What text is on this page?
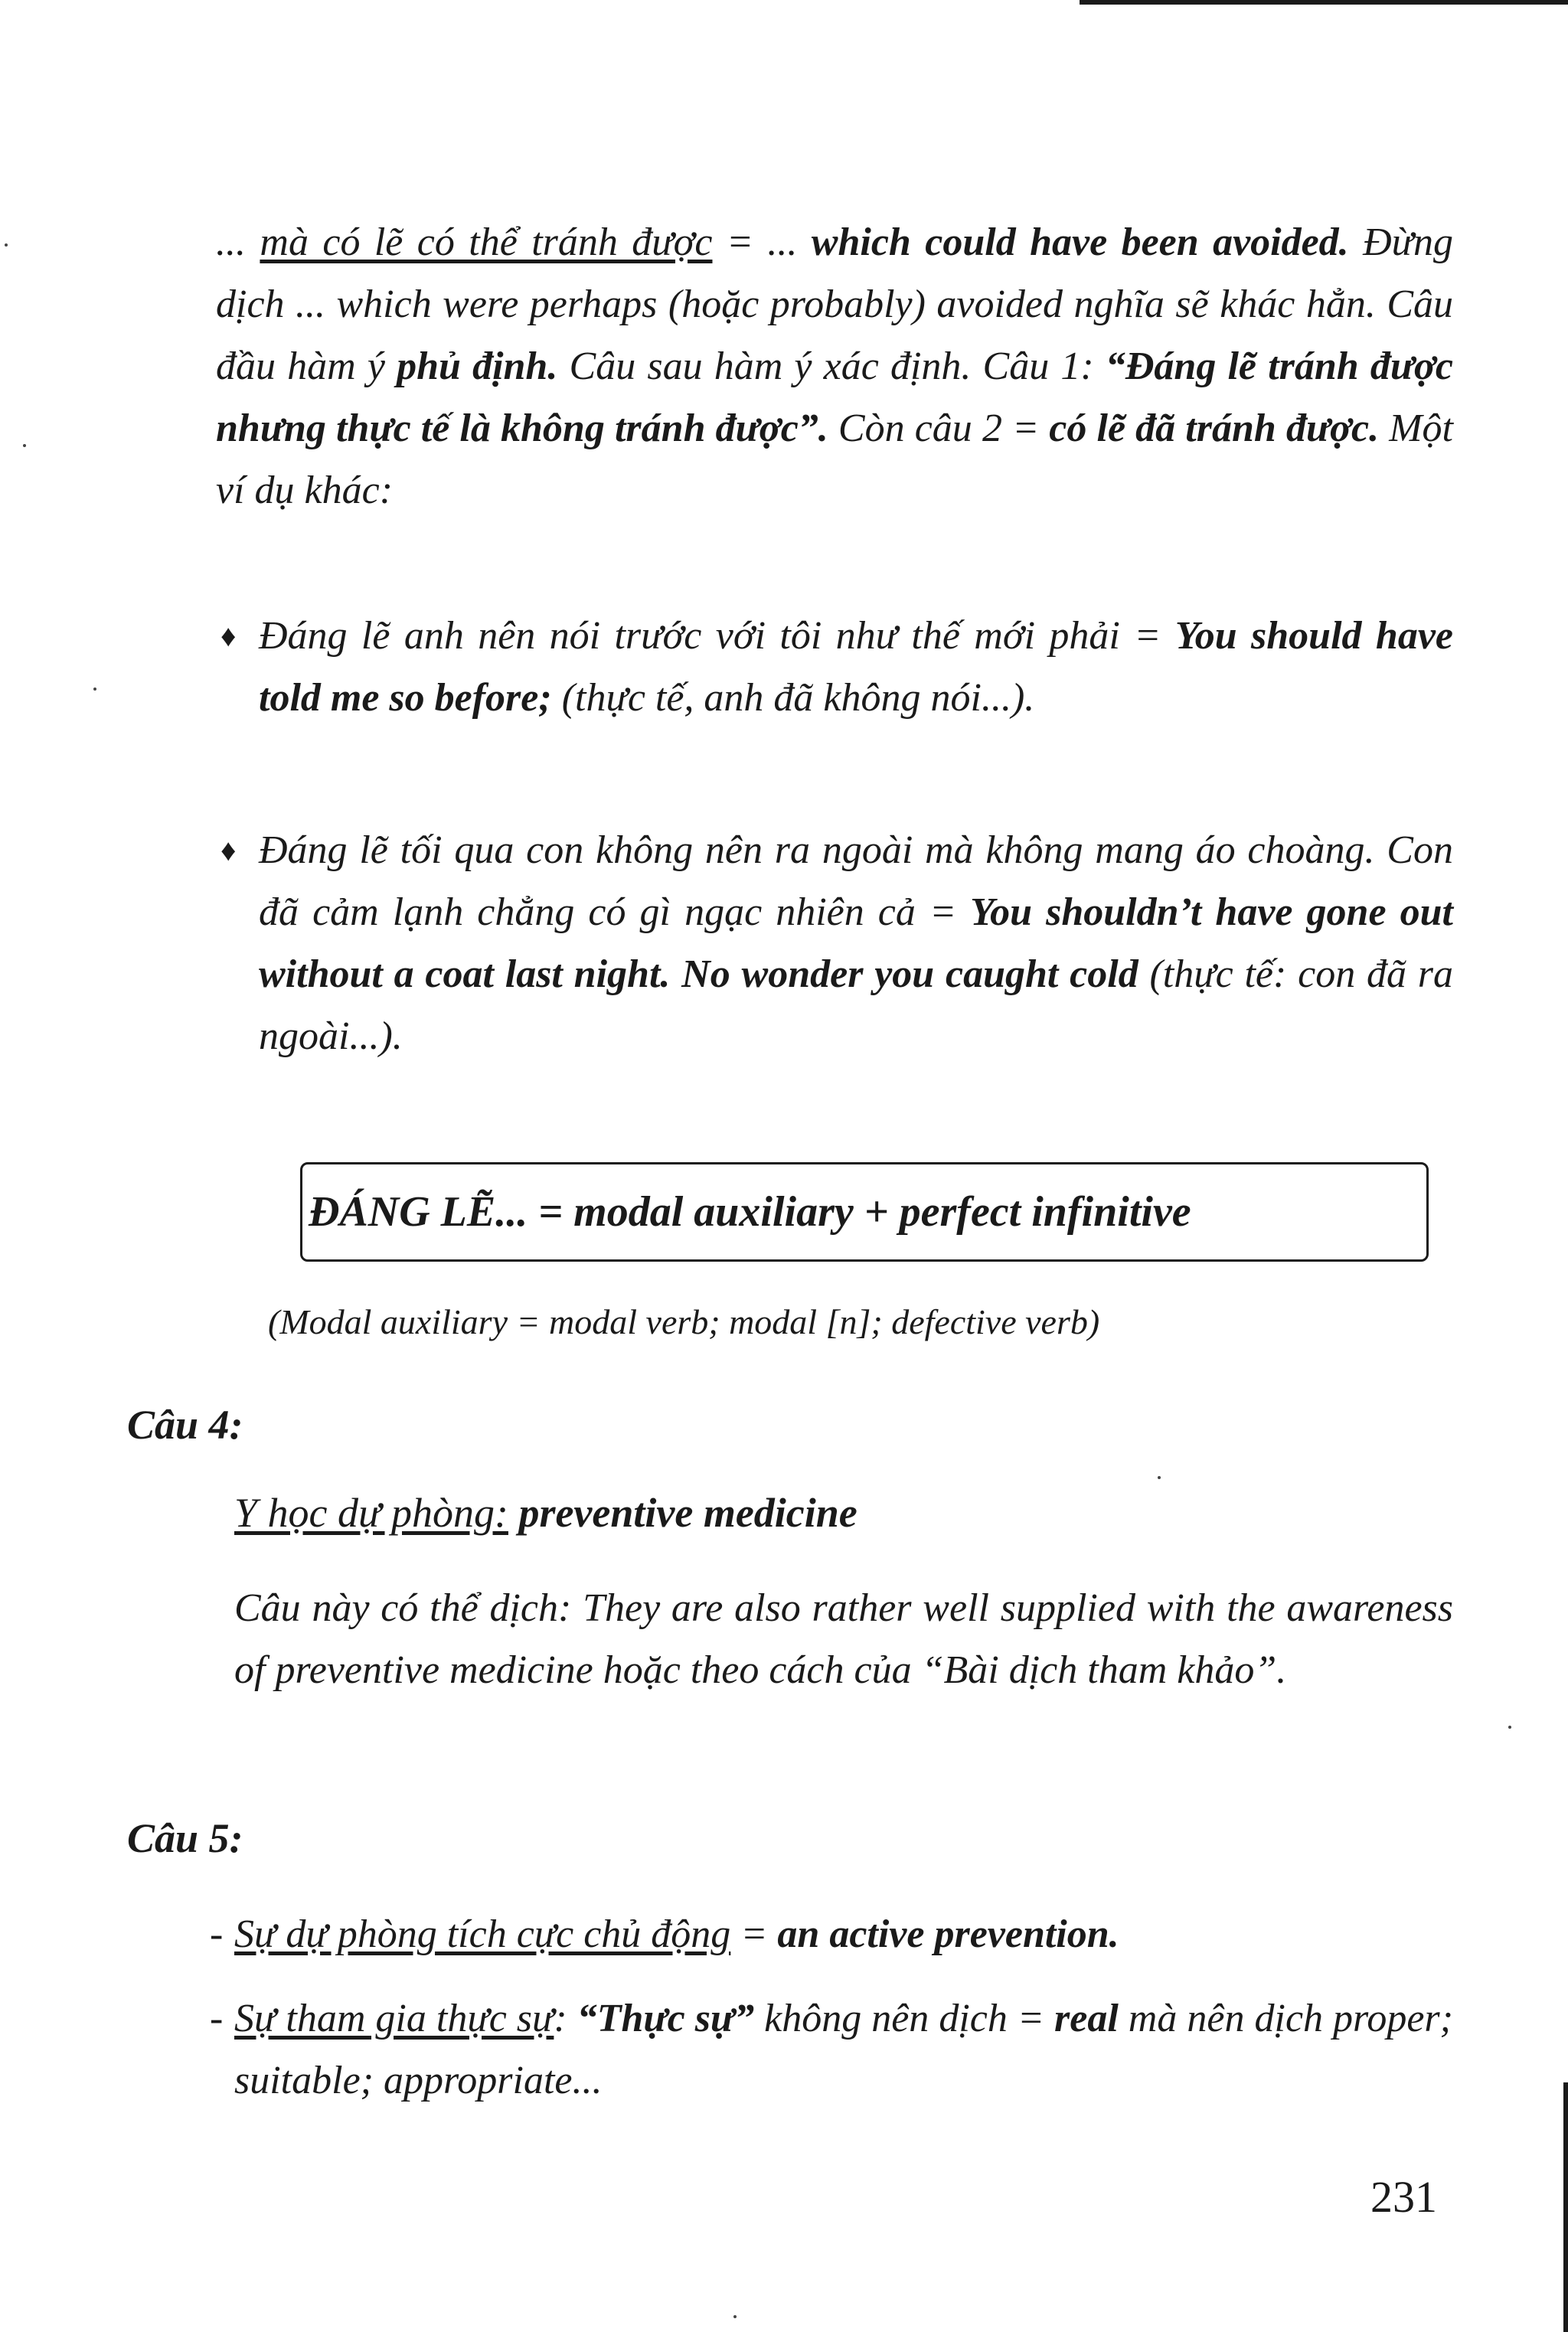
... mà có lẽ có thể tránh được = ... which could have been avoided. Đừng dịch ... which were perhaps (hoặc probably) avoided nghĩa sẽ khác hẳn. Câu đầu hàm ý phủ định. Câu sau hàm ý xác định. Câu 1: “Đáng lẽ tránh được nhưng thực tế là không tránh được”. Còn câu 2 = có lẽ đã tránh được. Một ví dụ khác:
♦ Đáng lẽ anh nên nói trước với tôi như thế mới phải = You should have told me so before; (thực tế, anh đã không nói...).
♦ Đáng lẽ tối qua con không nên ra ngoài mà không mang áo choàng. Con đã cảm lạnh chẳng có gì ngạc nhiên cả = You shouldn’t have gone out without a coat last night. No wonder you caught cold (thực tế: con đã ra ngoài...).
ĐÁNG LẼ... = modal auxiliary + perfect infinitive
(Modal auxiliary = modal verb; modal [n]; defective verb)
Câu 4:
Y học dự phòng: preventive medicine
Câu này có thể dịch: They are also rather well supplied with the awareness of preventive medicine hoặc theo cách của “Bài dịch tham khảo”.
Câu 5:
- Sự dự phòng tích cực chủ động = an active prevention.
- Sự tham gia thực sự: “Thực sự” không nên dịch = real mà nên dịch proper; suitable; appropriate...
231
